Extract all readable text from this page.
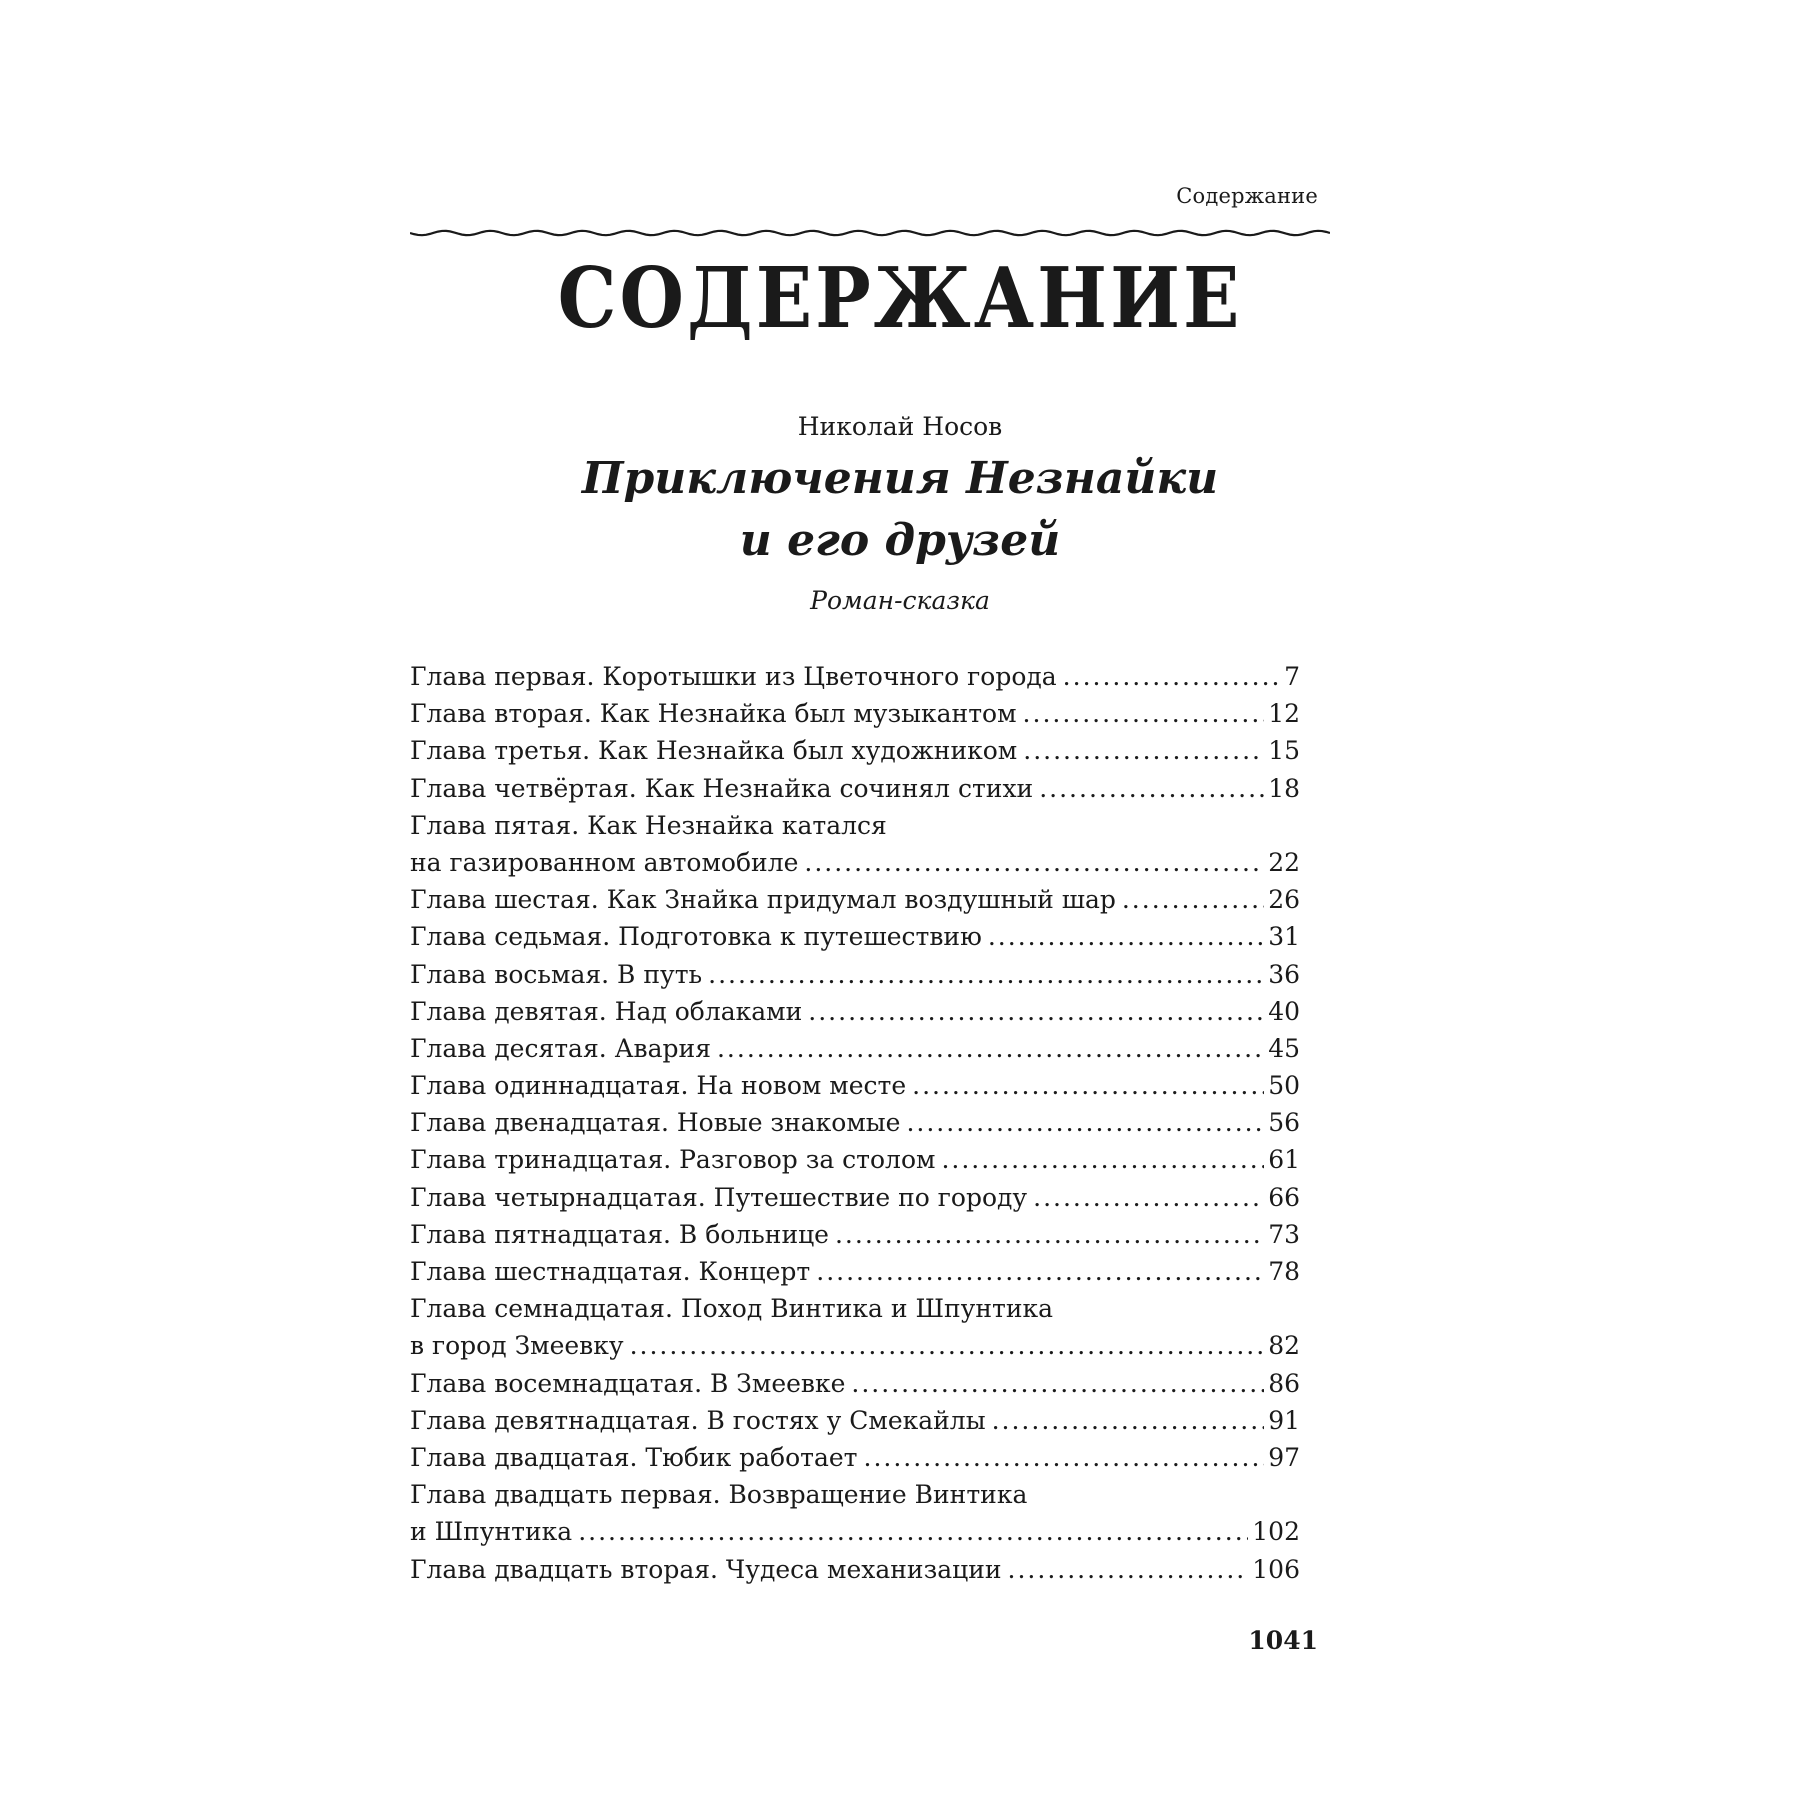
Содержание
СОДЕРЖАНИЕ
Николай Носов
Приключения Незнайки
и его друзей
Роман-сказка
Глава первая. Коротышки из Цветочного города .....	7
Глава вторая. Как Незнайка был музыкантом .....	12
Глава третья. Как Незнайка был художником .....	15
Глава четвёртая. Как Незнайка сочинял стихи .....	18
Глава пятая. Как Незнайка катался
на газированном автомобиле .....	22
Глава шестая. Как Знайка придумал воздушный шар .....	26
Глава седьмая. Подготовка к путешествию .....	31
Глава восьмая. В путь .....	36
Глава девятая. Над облаками .....	40
Глава десятая. Авария .....	45
Глава одиннадцатая. На новом месте .....	50
Глава двенадцатая. Новые знакомые .....	56
Глава тринадцатая. Разговор за столом .....	61
Глава четырнадцатая. Путешествие по городу .....	66
Глава пятнадцатая. В больнице .....	73
Глава шестнадцатая. Концерт .....	78
Глава семнадцатая. Поход Винтика и Шпунтика
в город Змеевку .....	82
Глава восемнадцатая. В Змеевке .....	86
Глава девятнадцатая. В гостях у Смекайлы .....	91
Глава двадцатая. Тюбик работает .....	97
Глава двадцать первая. Возвращение Винтика
и Шпунтика .....	102
Глава двадцать вторая. Чудеса механизации .....	106
1041
